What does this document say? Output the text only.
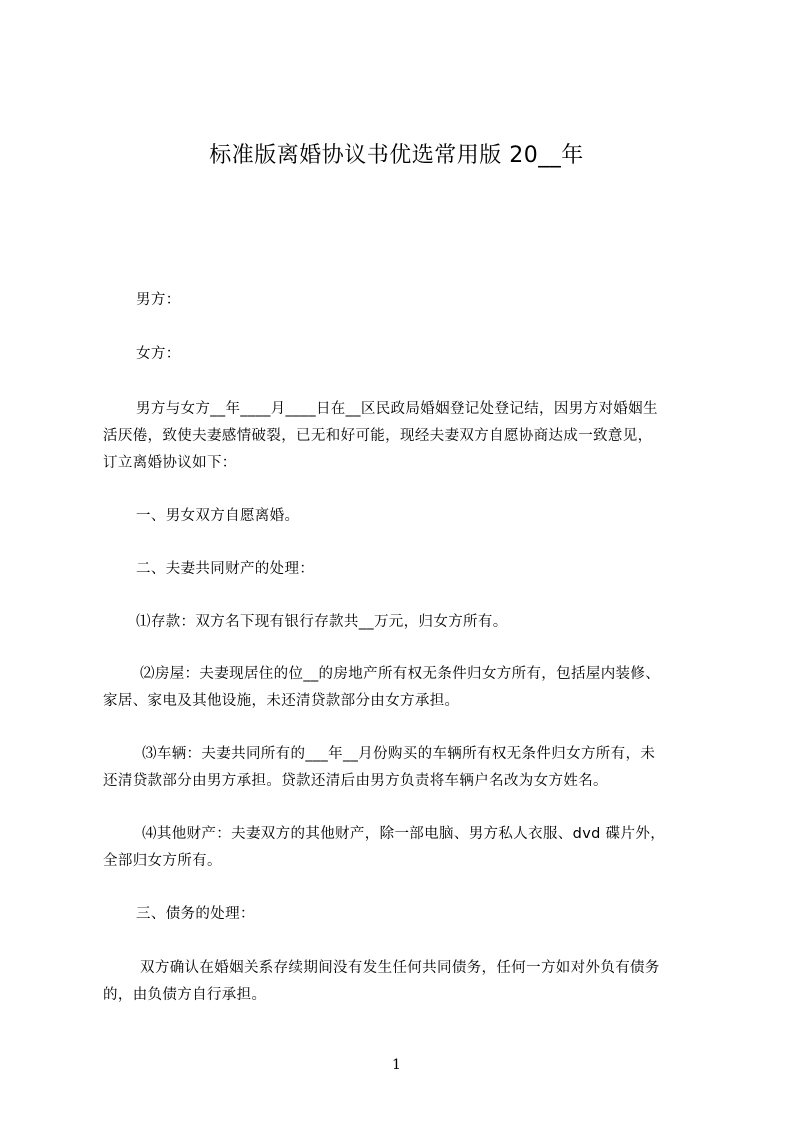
标准版离婚协议书优选常用版 20__年
男方：
女方：
男方与女方__年____月____日在__区民政局婚姻登记处登记结，因男方对婚姻生
活厌倦，致使夫妻感情破裂，已无和好可能，现经夫妻双方自愿协商达成一致意见，
订立离婚协议如下：
一、男女双方自愿离婚。
二、夫妻共同财产的处理：
⑴存款：双方名下现有银行存款共__万元，归女方所有。
⑵房屋：夫妻现居住的位__的房地产所有权无条件归女方所有，包括屋内装修、
家居、家电及其他设施，未还清贷款部分由女方承担。
⑶车辆：夫妻共同所有的___年__月份购买的车辆所有权无条件归女方所有，未
还清贷款部分由男方承担。贷款还清后由男方负责将车辆户名改为女方姓名。
⑷其他财产：夫妻双方的其他财产，除一部电脑、男方私人衣服、dvd 碟片外，
全部归女方所有。
三、债务的处理：
双方确认在婚姻关系存续期间没有发生任何共同债务，任何一方如对外负有债务
的，由负债方自行承担。
1
